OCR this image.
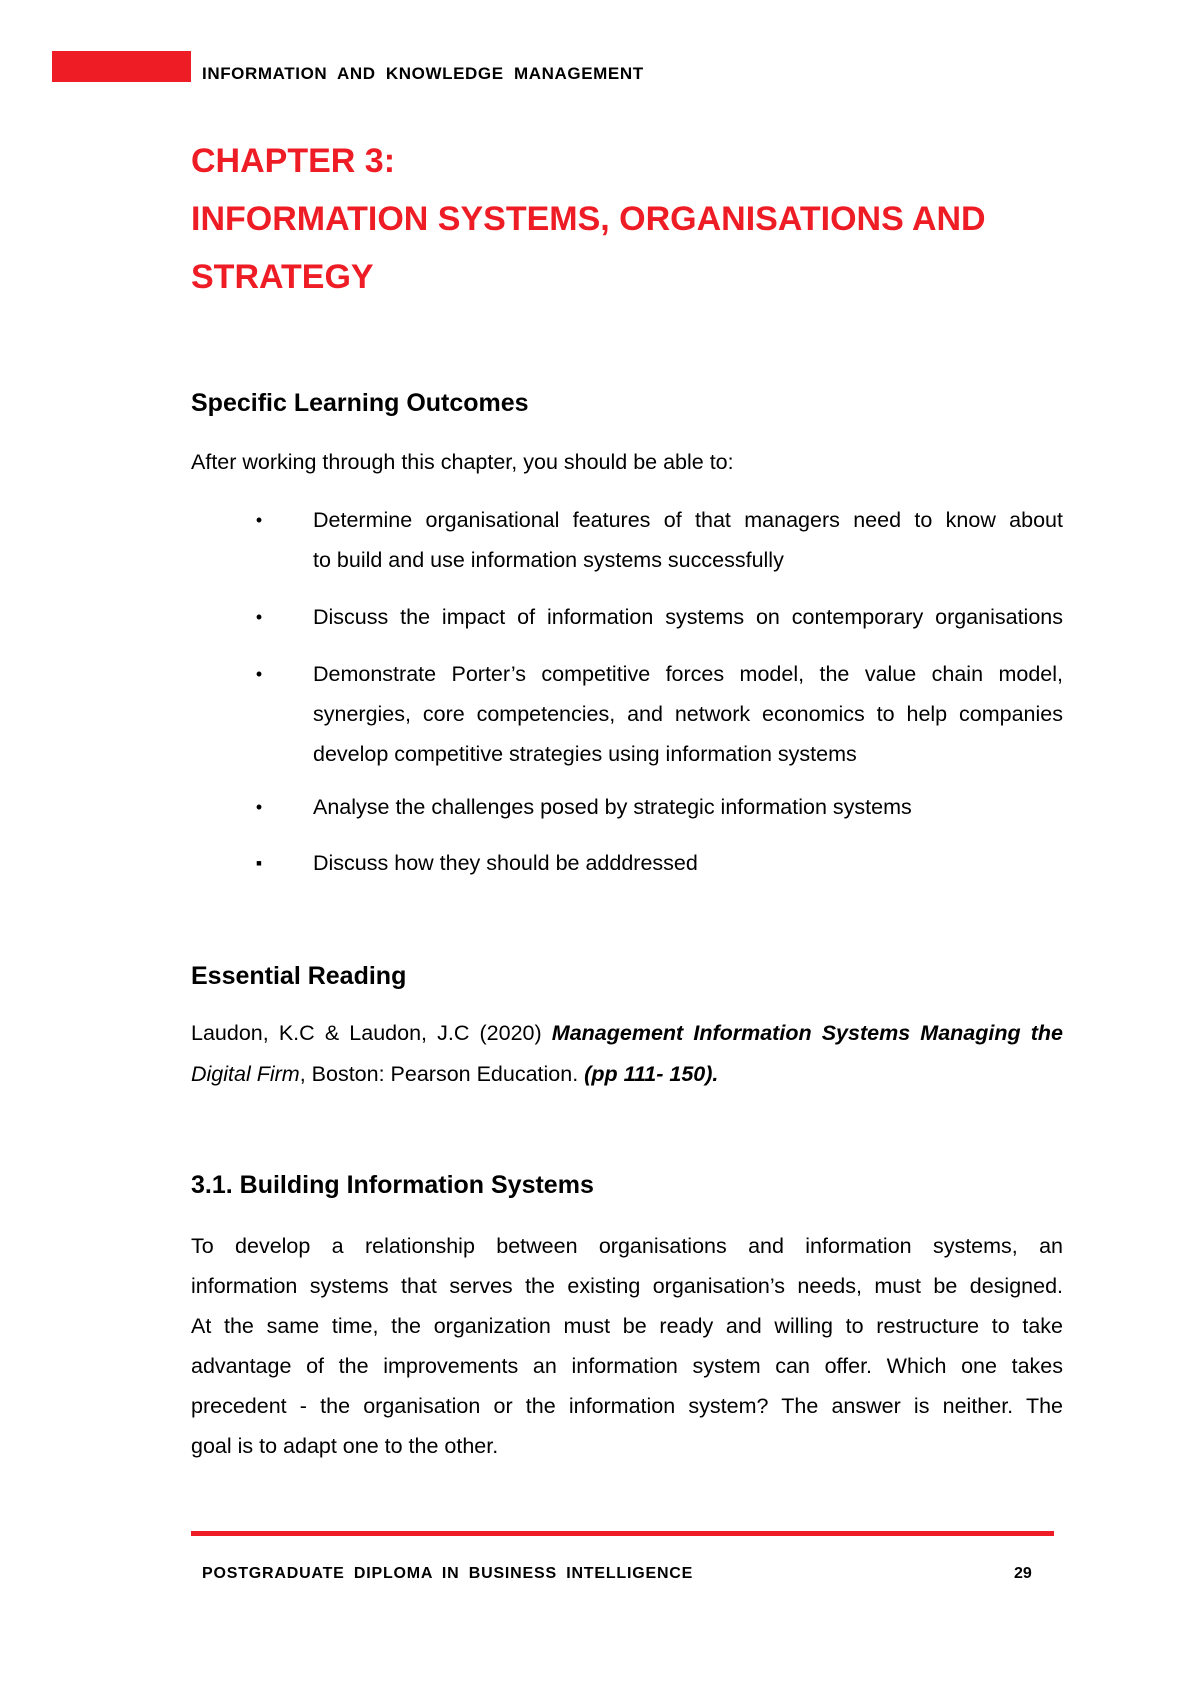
INFORMATION AND KNOWLEDGE MANAGEMENT
CHAPTER 3:
INFORMATION SYSTEMS, ORGANISATIONS AND
STRATEGY
Specific Learning Outcomes
After working through this chapter, you should be able to:
•	Determine organisational features of that managers need to know about
to build and use information systems successfully
•	Discuss the impact of information systems on contemporary organisations
•	Demonstrate Porter’s competitive forces model, the value chain model,
synergies, core competencies, and network economics to help companies
develop competitive strategies using information systems
•	Analyse the challenges posed by strategic information systems
▪	Discuss how they should be adddressed
Essential Reading
Laudon, K.C & Laudon, J.C (2020) Management Information Systems Managing the
Digital Firm, Boston: Pearson Education. (pp 111- 150).
3.1. Building Information Systems
To develop a relationship between organisations and information systems, an
information systems that serves the existing organisation’s needs, must be designed.
At the same time, the organization must be ready and willing to restructure to take
advantage of the improvements an information system can offer. Which one takes
precedent - the organisation or the information system? The answer is neither. The
goal is to adapt one to the other.
POSTGRADUATE DIPLOMA IN BUSINESS INTELLIGENCE	29
